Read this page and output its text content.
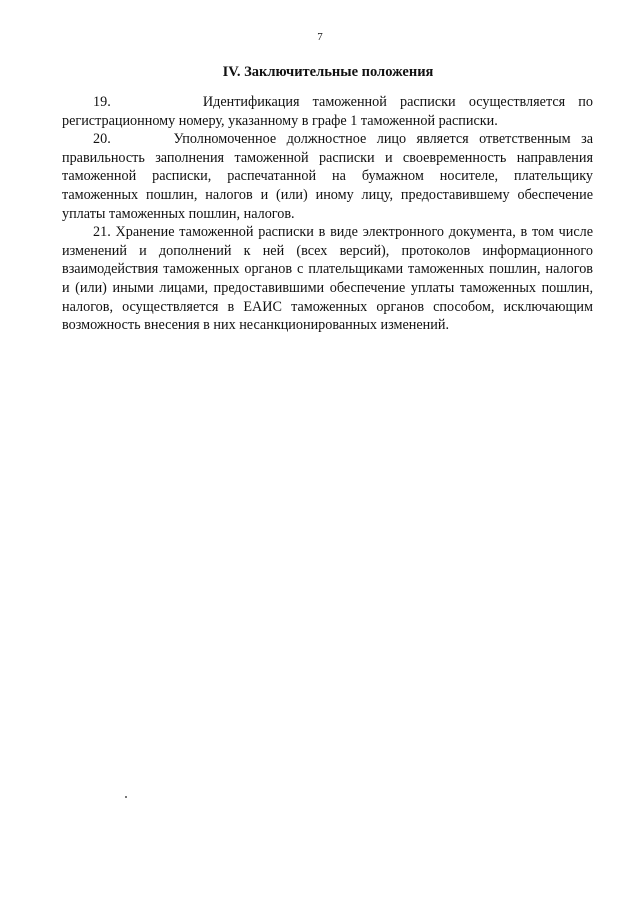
7
IV. Заключительные положения

19.       Идентификация таможенной расписки осуществляется по регистрационному номеру, указанному в графе 1 таможенной расписки.

20.      Уполномоченное должностное лицо является ответственным за правильность заполнения таможенной расписки и своевременность направления таможенной расписки, распечатанной на бумажном носителе, плательщику таможенных пошлин, налогов и (или) иному лицу, предоставившему обеспечение уплаты таможенных пошлин, налогов.

21. Хранение таможенной расписки в виде электронного документа, в том числе изменений и дополнений к ней (всех версий), протоколов информационного взаимодействия таможенных органов с плательщиками таможенных пошлин, налогов и (или) иными лицами, предоставившими обеспечение уплаты таможенных пошлин, налогов, осуществляется в ЕАИС таможенных органов способом, исключающим возможность внесения в них несанкционированных изменений.
